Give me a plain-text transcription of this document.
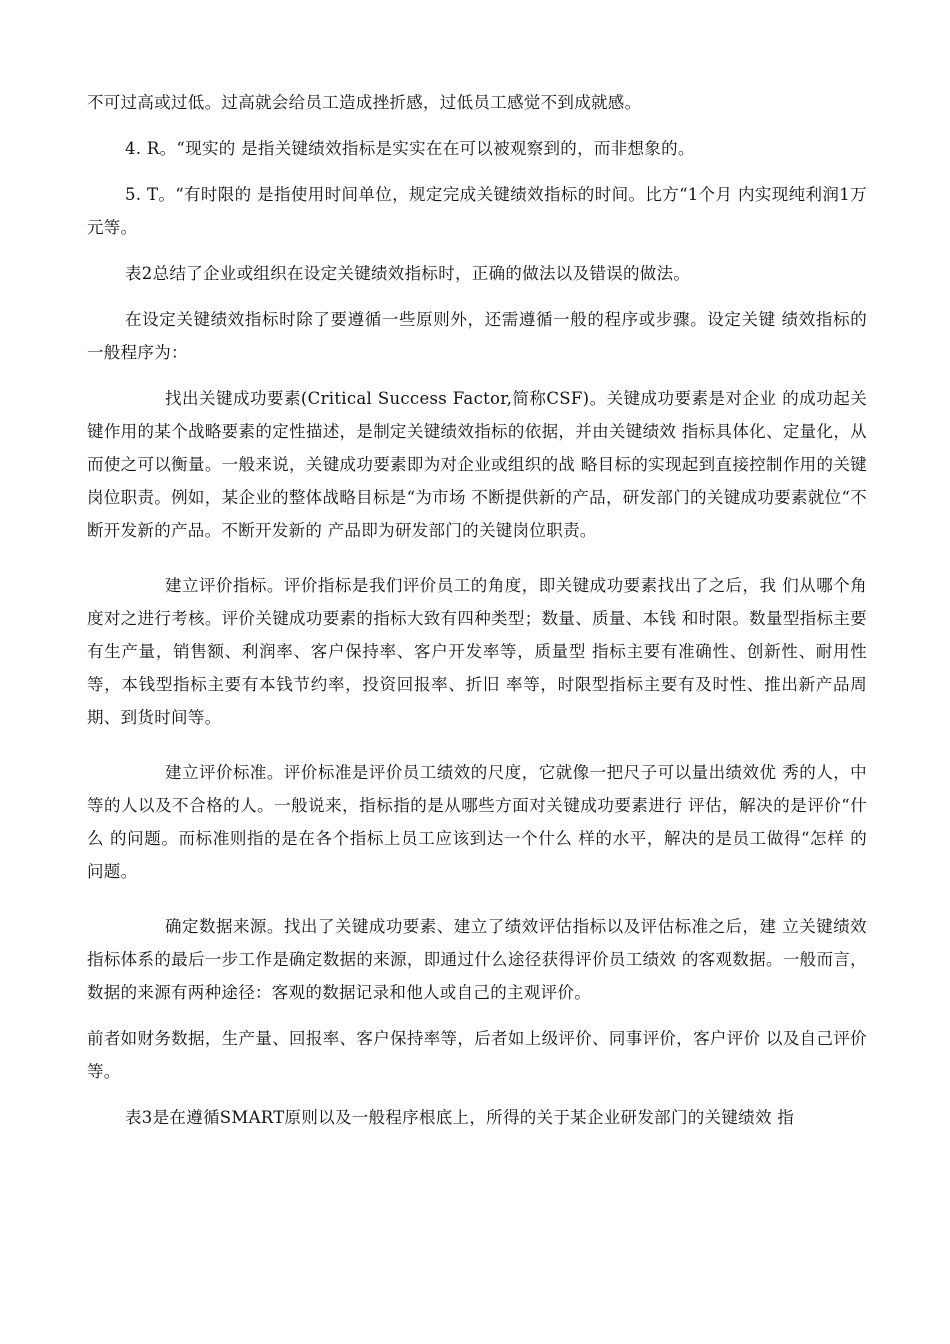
不可过高或过低。过高就会给员工造成挫折感，过低员工感觉不到成就感。

4. R。“现实的 是指关键绩效指标是实实在在可以被观察到的，而非想象的。

5. T。“有时限的 是指使用时间单位，规定完成关键绩效指标的时间。比方“1个月 内实现纯利润1万元等。

表2总结了企业或组织在设定关键绩效指标时，正确的做法以及错误的做法。

在设定关键绩效指标时除了要遵循一些原则外，还需遵循一般的程序或步骤。设定关键 绩效指标的一般程序为：

找出关键成功要素(Critical Success Factor,简称CSF)。关键成功要素是对企业 的成功起关键作用的某个战略要素的定性描述，是制定关键绩效指标的依据，并由关键绩效 指标具体化、定量化，从而使之可以衡量。一般来说，关键成功要素即为对企业或组织的战 略目标的实现起到直接控制作用的关键岗位职责。例如，某企业的整体战略目标是“为市场 不断提供新的产品，研发部门的关键成功要素就位“不断开发新的产品。不断开发新的 产品即为研发部门的关键岗位职责。

建立评价指标。评价指标是我们评价员工的角度，即关键成功要素找出了之后，我 们从哪个角度对之进行考核。评价关键成功要素的指标大致有四种类型；数量、质量、本钱 和时限。数量型指标主要有生产量，销售额、利润率、客户保持率、客户开发率等，质量型 指标主要有准确性、创新性、耐用性等，本钱型指标主要有本钱节约率，投资回报率、折旧 率等，时限型指标主要有及时性、推出新产品周期、到货时间等。

建立评价标准。评价标准是评价员工绩效的尺度，它就像一把尺子可以量出绩效优 秀的人，中等的人以及不合格的人。一般说来，指标指的是从哪些方面对关键成功要素进行 评估，解决的是评价“什么 的问题。而标准则指的是在各个指标上员工应该到达一个什么 样的水平，解决的是员工做得“怎样 的问题。

确定数据来源。找出了关键成功要素、建立了绩效评估指标以及评估标准之后，建 立关键绩效指标体系的最后一步工作是确定数据的来源，即通过什么途径获得评价员工绩效 的客观数据。一般而言，数据的来源有两种途径：客观的数据记录和他人或自己的主观评价。

前者如财务数据，生产量、回报率、客户保持率等，后者如上级评价、同事评价，客户评价 以及自己评价等。

表3是在遵循SMART原则以及一般程序根底上，所得的关于某企业研发部门的关键绩效 指
